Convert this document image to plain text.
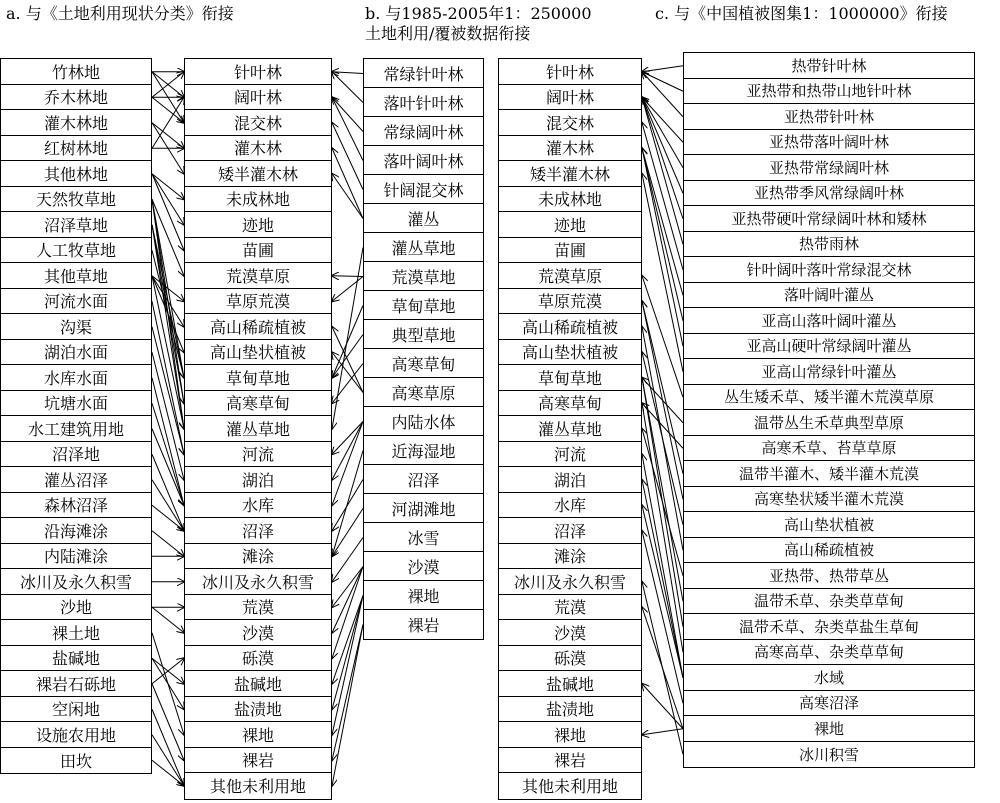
a. 与《土地利用现状分类》衔接	b. 与1985-2005年1：250000
土地利用/覆被数据衔接
c. 与《中国植被图集1：1000000》衔接
竹林地
乔木林地
灌木林地
红树林地
其他林地
天然牧草地
沼泽草地
人工牧草地
其他草地
河流水面
沟渠
湖泊水面
水库水面
坑塘水面
水工建筑用地
沼泽地
灌丛沼泽
森林沼泽
沿海滩涂
内陆滩涂
冰川及永久积雪
沙地
裸土地
盐碱地
裸岩石砾地
空闲地
设施农用地
田坎
针叶林
阔叶林
混交林
灌木林
矮半灌木林
未成林地
迹地
苗圃
荒漠草原
草原荒漠
高山稀疏植被
高山垫状植被
草甸草地
高寒草甸
灌丛草地
河流
湖泊
水库
沼泽
滩涂
冰川及永久积雪
荒漠
沙漠
砾漠
盐碱地
盐渍地
裸地
裸岩
其他未利用地
常绿针叶林
落叶针叶林
常绿阔叶林
落叶阔叶林
针阔混交林
灌丛
灌丛草地
荒漠草地
草甸草地
典型草地
高寒草甸
高寒草原
内陆水体
近海湿地
沼泽
河湖滩地
冰雪
沙漠
裸地
裸岩
针叶林
阔叶林
混交林
灌木林
矮半灌木林
未成林地
迹地
苗圃
荒漠草原
草原荒漠
高山稀疏植被
高山垫状植被
草甸草地
高寒草甸
灌丛草地
河流
湖泊
水库
沼泽
滩涂
冰川及永久积雪
荒漠
沙漠
砾漠
盐碱地
盐渍地
裸地
裸岩
其他未利用地
热带针叶林
亚热带和热带山地针叶林
亚热带针叶林
亚热带落叶阔叶林
亚热带常绿阔叶林
亚热带季风常绿阔叶林
亚热带硬叶常绿阔叶林和矮林
热带雨林
针叶阔叶落叶常绿混交林
落叶阔叶灌丛
亚高山落叶阔叶灌丛
亚高山硬叶常绿阔叶灌丛
亚高山常绿针叶灌丛
丛生矮禾草、矮半灌木荒漠草原
温带丛生禾草典型草原
高寒禾草、苔草草原
温带半灌木、矮半灌木荒漠
高寒垫状矮半灌木荒漠
高山垫状植被
高山稀疏植被
亚热带、热带草丛
温带禾草、杂类草草甸
温带禾草、杂类草盐生草甸
高寒高草、杂类草草甸
水域
高寒沼泽
裸地
冰川积雪
